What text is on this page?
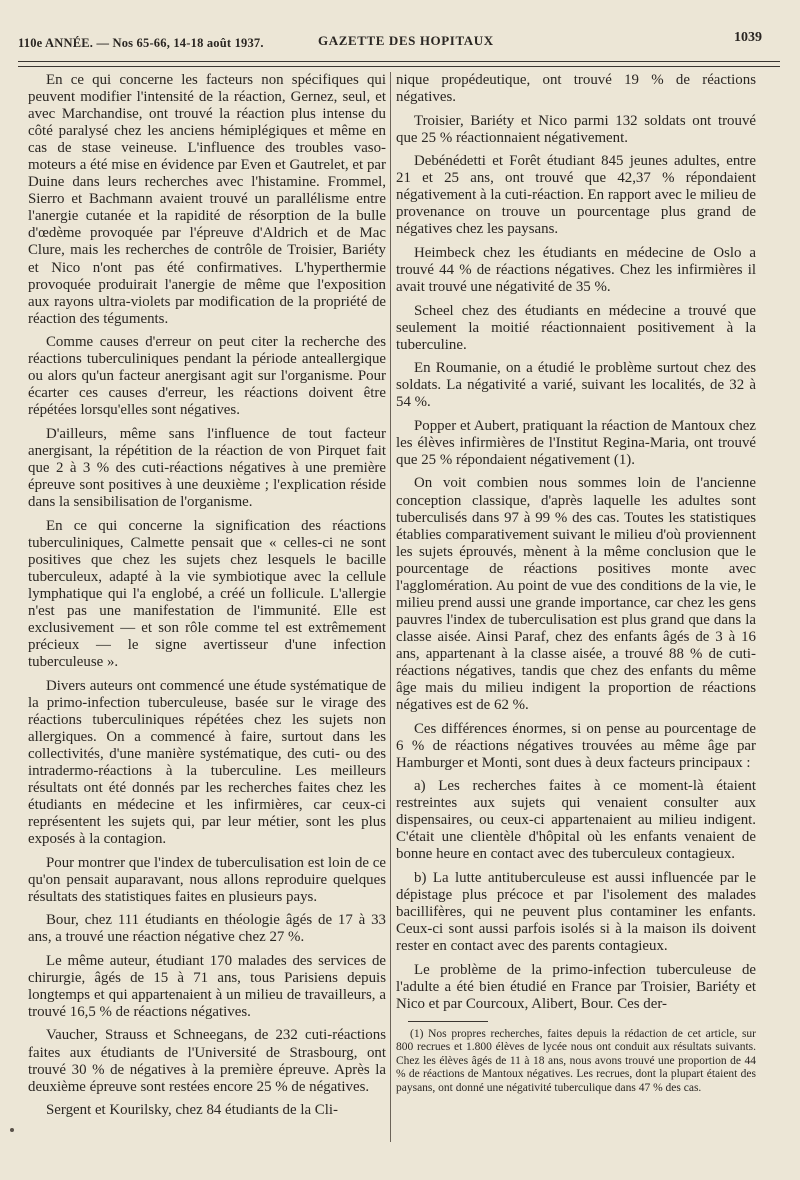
110e ANNÉE. — Nos 65-66, 14-18 août 1937.	GAZETTE DES HOPITAUX	1039

En ce qui concerne les facteurs non spécifiques qui peuvent modifier l'intensité de la réaction, Gernez, seul, et avec Marchandise, ont trouvé la réaction plus intense du côté paralysé chez les anciens hémiplégiques et même en cas de stase veineuse. L'influence des troubles vaso-moteurs a été mise en évidence par Even et Gautrelet, et par Duine dans leurs recherches avec l'histamine. Frommel, Sierro et Bachmann avaient trouvé un parallélisme entre l'anergie cutanée et la rapidité de résorption de la bulle d'œdème provoquée par l'épreuve d'Aldrich et de Mac Clure, mais les recherches de contrôle de Troisier, Bariéty et Nico n'ont pas été confirmatives. L'hyperthermie provoquée produirait l'anergie de même que l'exposition aux rayons ultra-violets par modification de la propriété de réaction des téguments.

Comme causes d'erreur on peut citer la recherche des réactions tuberculiniques pendant la période anteallergique ou alors qu'un facteur anergisant agit sur l'organisme. Pour écarter ces causes d'erreur, les réactions doivent être répétées lorsqu'elles sont négatives.

D'ailleurs, même sans l'influence de tout facteur anergisant, la répétition de la réaction de von Pirquet fait que 2 à 3 % des cuti-réactions négatives à une première épreuve sont positives à une deuxième ; l'explication réside dans la sensibilisation de l'organisme.

En ce qui concerne la signification des réactions tuberculiniques, Calmette pensait que « celles-ci ne sont positives que chez les sujets chez lesquels le bacille tuberculeux, adapté à la vie symbiotique avec la cellule lymphatique qui l'a englobé, a créé un follicule. L'allergie n'est pas une manifestation de l'immunité. Elle est exclusivement — et son rôle comme tel est extrêmement précieux — le signe avertisseur d'une infection tuberculeuse ».

Divers auteurs ont commencé une étude systématique de la primo-infection tuberculeuse, basée sur le virage des réactions tuberculiniques répétées chez les sujets non allergiques. On a commencé à faire, surtout dans les collectivités, d'une manière systématique, des cuti- ou des intradermo-réactions à la tuberculine. Les meilleurs résultats ont été donnés par les recherches faites chez les étudiants en médecine et les infirmières, car ceux-ci représentent les sujets qui, par leur métier, sont les plus exposés à la contagion.

Pour montrer que l'index de tuberculisation est loin de ce qu'on pensait auparavant, nous allons reproduire quelques résultats des statistiques faites en plusieurs pays.

Bour, chez 111 étudiants en théologie âgés de 17 à 33 ans, a trouvé une réaction négative chez 27 %.

Le même auteur, étudiant 170 malades des services de chirurgie, âgés de 15 à 71 ans, tous Parisiens depuis longtemps et qui appartenaient à un milieu de travailleurs, a trouvé 16,5 % de réactions négatives.

Vaucher, Strauss et Schneegans, de 232 cuti-réactions faites aux étudiants de l'Université de Strasbourg, ont trouvé 30 % de négatives à la première épreuve. Après la deuxième épreuve sont restées encore 25 % de négatives.

Sergent et Kourilsky, chez 84 étudiants de la Cli-

nique propédeutique, ont trouvé 19 % de réactions négatives.

Troisier, Bariéty et Nico parmi 132 soldats ont trouvé que 25 % réactionnaient négativement.

Debénédetti et Forêt étudiant 845 jeunes adultes, entre 21 et 25 ans, ont trouvé que 42,37 % répondaient négativement à la cuti-réaction. En rapport avec le milieu de provenance on trouve un pourcentage plus grand de négatives chez les paysans.

Heimbeck chez les étudiants en médecine de Oslo a trouvé 44 % de réactions négatives. Chez les infirmières il avait trouvé une négativité de 35 %.

Scheel chez des étudiants en médecine a trouvé que seulement la moitié réactionnaient positivement à la tuberculine.

En Roumanie, on a étudié le problème surtout chez des soldats. La négativité a varié, suivant les localités, de 32 à 54 %.

Popper et Aubert, pratiquant la réaction de Mantoux chez les élèves infirmières de l'Institut Regina-Maria, ont trouvé que 25 % répondaient négativement (1).

On voit combien nous sommes loin de l'ancienne conception classique, d'après laquelle les adultes sont tuberculisés dans 97 à 99 % des cas. Toutes les statistiques établies comparativement suivant le milieu d'où proviennent les sujets éprouvés, mènent à la même conclusion que le pourcentage de réactions positives monte avec l'agglomération. Au point de vue des conditions de la vie, le milieu prend aussi une grande importance, car chez les gens pauvres l'index de tuberculisation est plus grand que dans la classe aisée. Ainsi Paraf, chez des enfants âgés de 3 à 16 ans, appartenant à la classe aisée, a trouvé 88 % de cuti-réactions négatives, tandis que chez des enfants du même âge mais du milieu indigent la proportion de réactions négatives est de 62 %.

Ces différences énormes, si on pense au pourcentage de 6 % de réactions négatives trouvées au même âge par Hamburger et Monti, sont dues à deux facteurs principaux :

a) Les recherches faites à ce moment-là étaient restreintes aux sujets qui venaient consulter aux dispensaires, ou ceux-ci appartenaient au milieu indigent. C'était une clientèle d'hôpital où les enfants venaient de bonne heure en contact avec des tuberculeux contagieux.

b) La lutte antituberculeuse est aussi influencée par le dépistage plus précoce et par l'isolement des malades bacillifères, qui ne peuvent plus contaminer les enfants. Ceux-ci sont aussi parfois isolés si à la maison ils doivent rester en contact avec des parents contagieux.

Le problème de la primo-infection tuberculeuse de l'adulte a été bien étudié en France par Troisier, Bariéty et Nico et par Courcoux, Alibert, Bour. Ces der-

(1) Nos propres recherches, faites depuis la rédaction de cet article, sur 800 recrues et 1.800 élèves de lycée nous ont conduit aux résultats suivants. Chez les élèves âgés de 11 à 18 ans, nous avons trouvé une proportion de 44 % de réactions de Mantoux négatives. Les recrues, dont la plupart étaient des paysans, ont donné une négativité tuberculique dans 47 % des cas.
